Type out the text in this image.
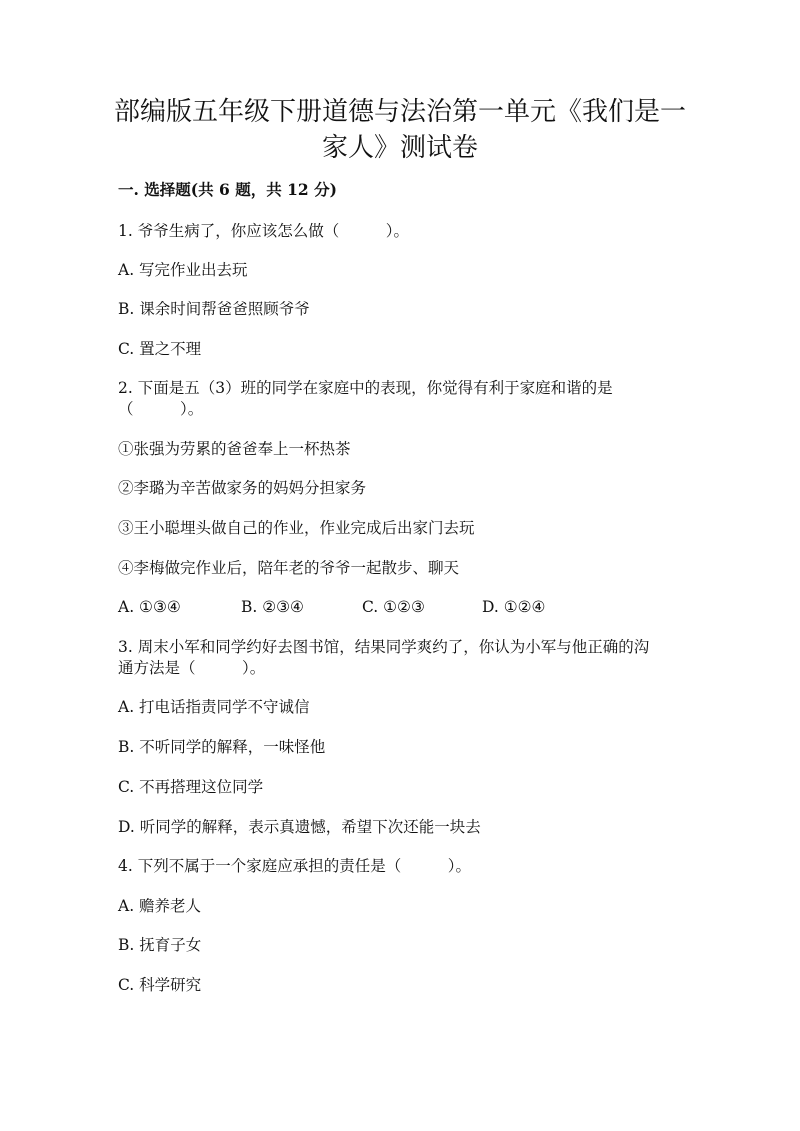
部编版五年级下册道德与法治第一单元《我们是一
家人》测试卷
一. 选择题(共 6 题，共 12 分)
1. 爷爷生病了，你应该怎么做（　　　）。
A. 写完作业出去玩
B. 课余时间帮爸爸照顾爷爷
C. 置之不理
2. 下面是五（3）班的同学在家庭中的表现，你觉得有利于家庭和谐的是
（　　　）。
①张强为劳累的爸爸奉上一杯热茶
②李璐为辛苦做家务的妈妈分担家务
③王小聪埋头做自己的作业，作业完成后出家门去玩
④李梅做完作业后，陪年老的爷爷一起散步、聊天
A. ①③④	B. ②③④	C. ①②③	D. ①②④
3. 周末小军和同学约好去图书馆，结果同学爽约了，你认为小军与他正确的沟
通方法是（　　　）。
A. 打电话指责同学不守诚信
B. 不听同学的解释，一味怪他
C. 不再搭理这位同学
D. 听同学的解释，表示真遗憾，希望下次还能一块去
4. 下列不属于一个家庭应承担的责任是（　　　）。
A. 赡养老人
B. 抚育子女
C. 科学研究
